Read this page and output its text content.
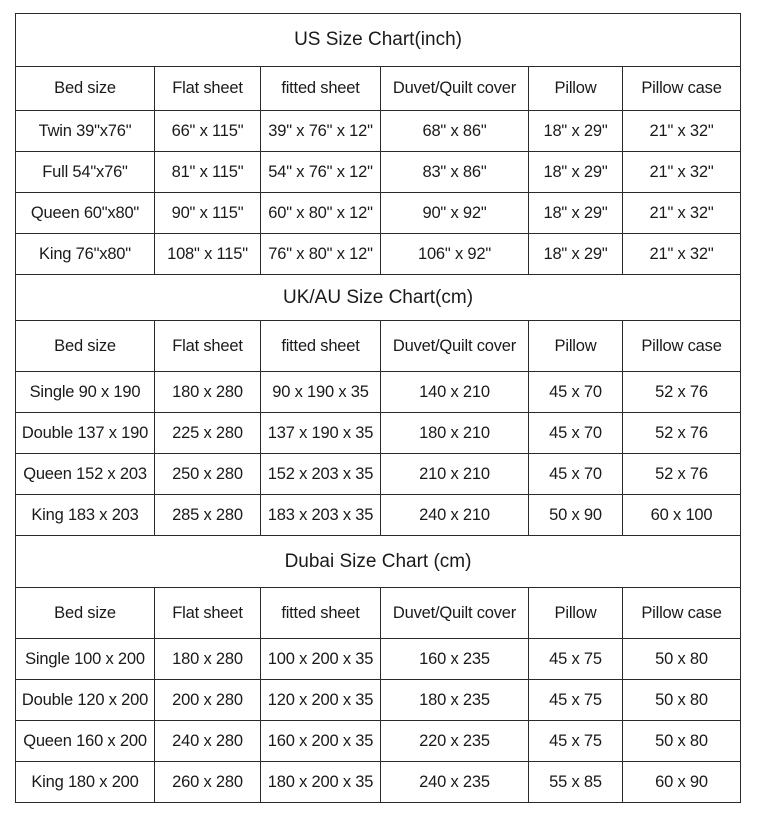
US Size Chart(inch)					
Bed size	Flat sheet	fitted sheet	Duvet/Quilt cover	Pillow	Pillow case
Twin 39"x76"	66" x 115"	39" x 76" x 12"	68" x 86"	18" x 29"	21" x 32"
Full 54"x76"	81" x 115"	54" x 76" x 12"	83" x 86"	18" x 29"	21" x 32"
Queen 60"x80"	90" x 115"	60" x 80" x 12"	90" x 92"	18" x 29"	21" x 32"
King 76"x80"	108" x 115"	76" x 80" x 12"	106" x 92"	18" x 29"	21" x 32"
UK/AU Size Chart(cm)					
Bed size	Flat sheet	fitted sheet	Duvet/Quilt cover	Pillow	Pillow case
Single 90 x 190	180 x 280	90 x 190 x 35	140 x 210	45 x 70	52 x 76
Double 137 x 190	225 x 280	137 x 190 x 35	180 x 210	45 x 70	52 x 76
Queen 152 x 203	250 x 280	152 x 203 x 35	210 x 210	45 x 70	52 x 76
King 183 x 203	285 x 280	183 x 203 x 35	240 x 210	50 x 90	60 x 100
Dubai Size Chart (cm)					
Bed size	Flat sheet	fitted sheet	Duvet/Quilt cover	Pillow	Pillow case
Single 100 x 200	180 x 280	100 x 200 x 35	160 x 235	45 x 75	50 x 80
Double 120 x 200	200 x 280	120 x 200 x 35	180 x 235	45 x 75	50 x 80
Queen 160 x 200	240 x 280	160 x 200 x 35	220 x 235	45 x 75	50 x 80
King 180 x 200	260 x 280	180 x 200 x 35	240 x 235	55 x 85	60 x 90
